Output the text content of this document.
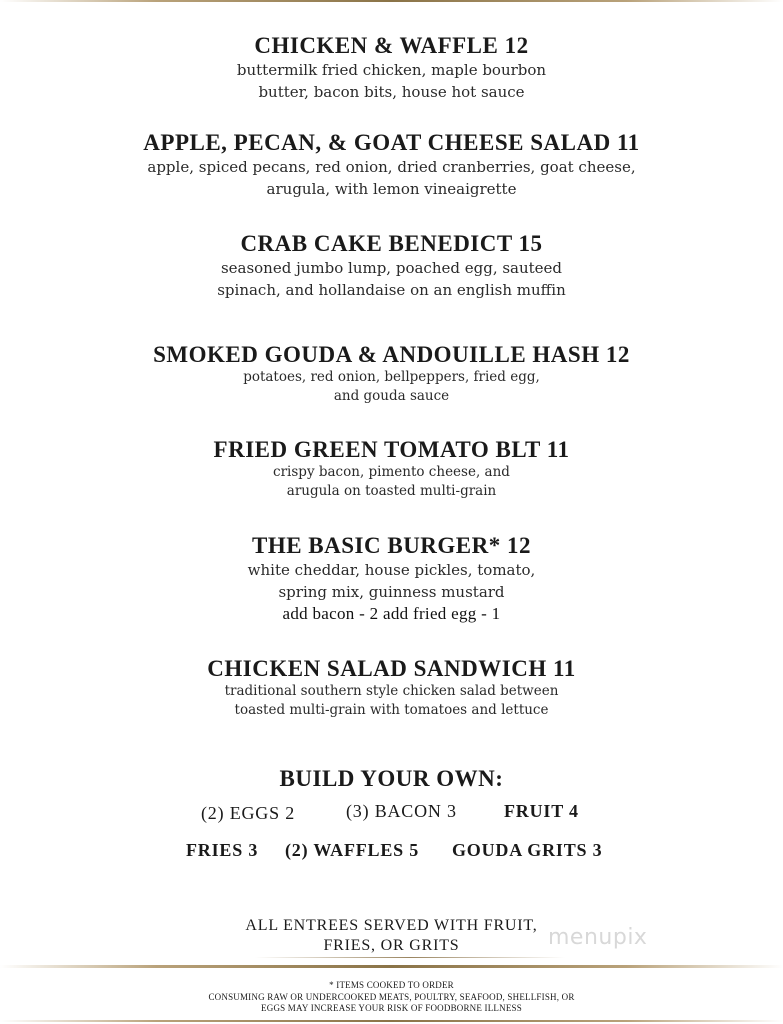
CHICKEN & WAFFLE 12
buttermilk fried chicken, maple bourbon
butter, bacon bits, house hot sauce
APPLE, PECAN, & GOAT CHEESE SALAD 11
apple, spiced pecans, red onion, dried cranberries, goat cheese,
arugula, with lemon vineaigrette
CRAB CAKE BENEDICT 15
seasoned jumbo lump, poached egg, sauteed
spinach, and hollandaise on an english muffin
SMOKED GOUDA & ANDOUILLE HASH 12
potatoes, red onion, bellpeppers, fried egg,
and gouda sauce
FRIED GREEN TOMATO BLT 11
crispy bacon, pimento cheese, and
arugula on toasted multi-grain
THE BASIC BURGER* 12
white cheddar, house pickles, tomato,
spring mix, guinness mustard
add bacon - 2 add fried egg - 1
CHICKEN SALAD SANDWICH 11
traditional southern style chicken salad between
toasted multi-grain with tomatoes and lettuce
BUILD YOUR OWN:
(2) EGGS 2	(3) BACON 3	FRUIT 4
FRIES 3 (2) WAFFLES 5 GOUDA GRITS 3
ALL ENTREES SERVED WITH FRUIT,
FRIES, OR GRITS	menupix
* ITEMS COOKED TO ORDER
CONSUMING RAW OR UNDERCOOKED MEATS, POULTRY, SEAFOOD, SHELLFISH, OR
EGGS MAY INCREASE YOUR RISK OF FOODBORNE ILLNESS
